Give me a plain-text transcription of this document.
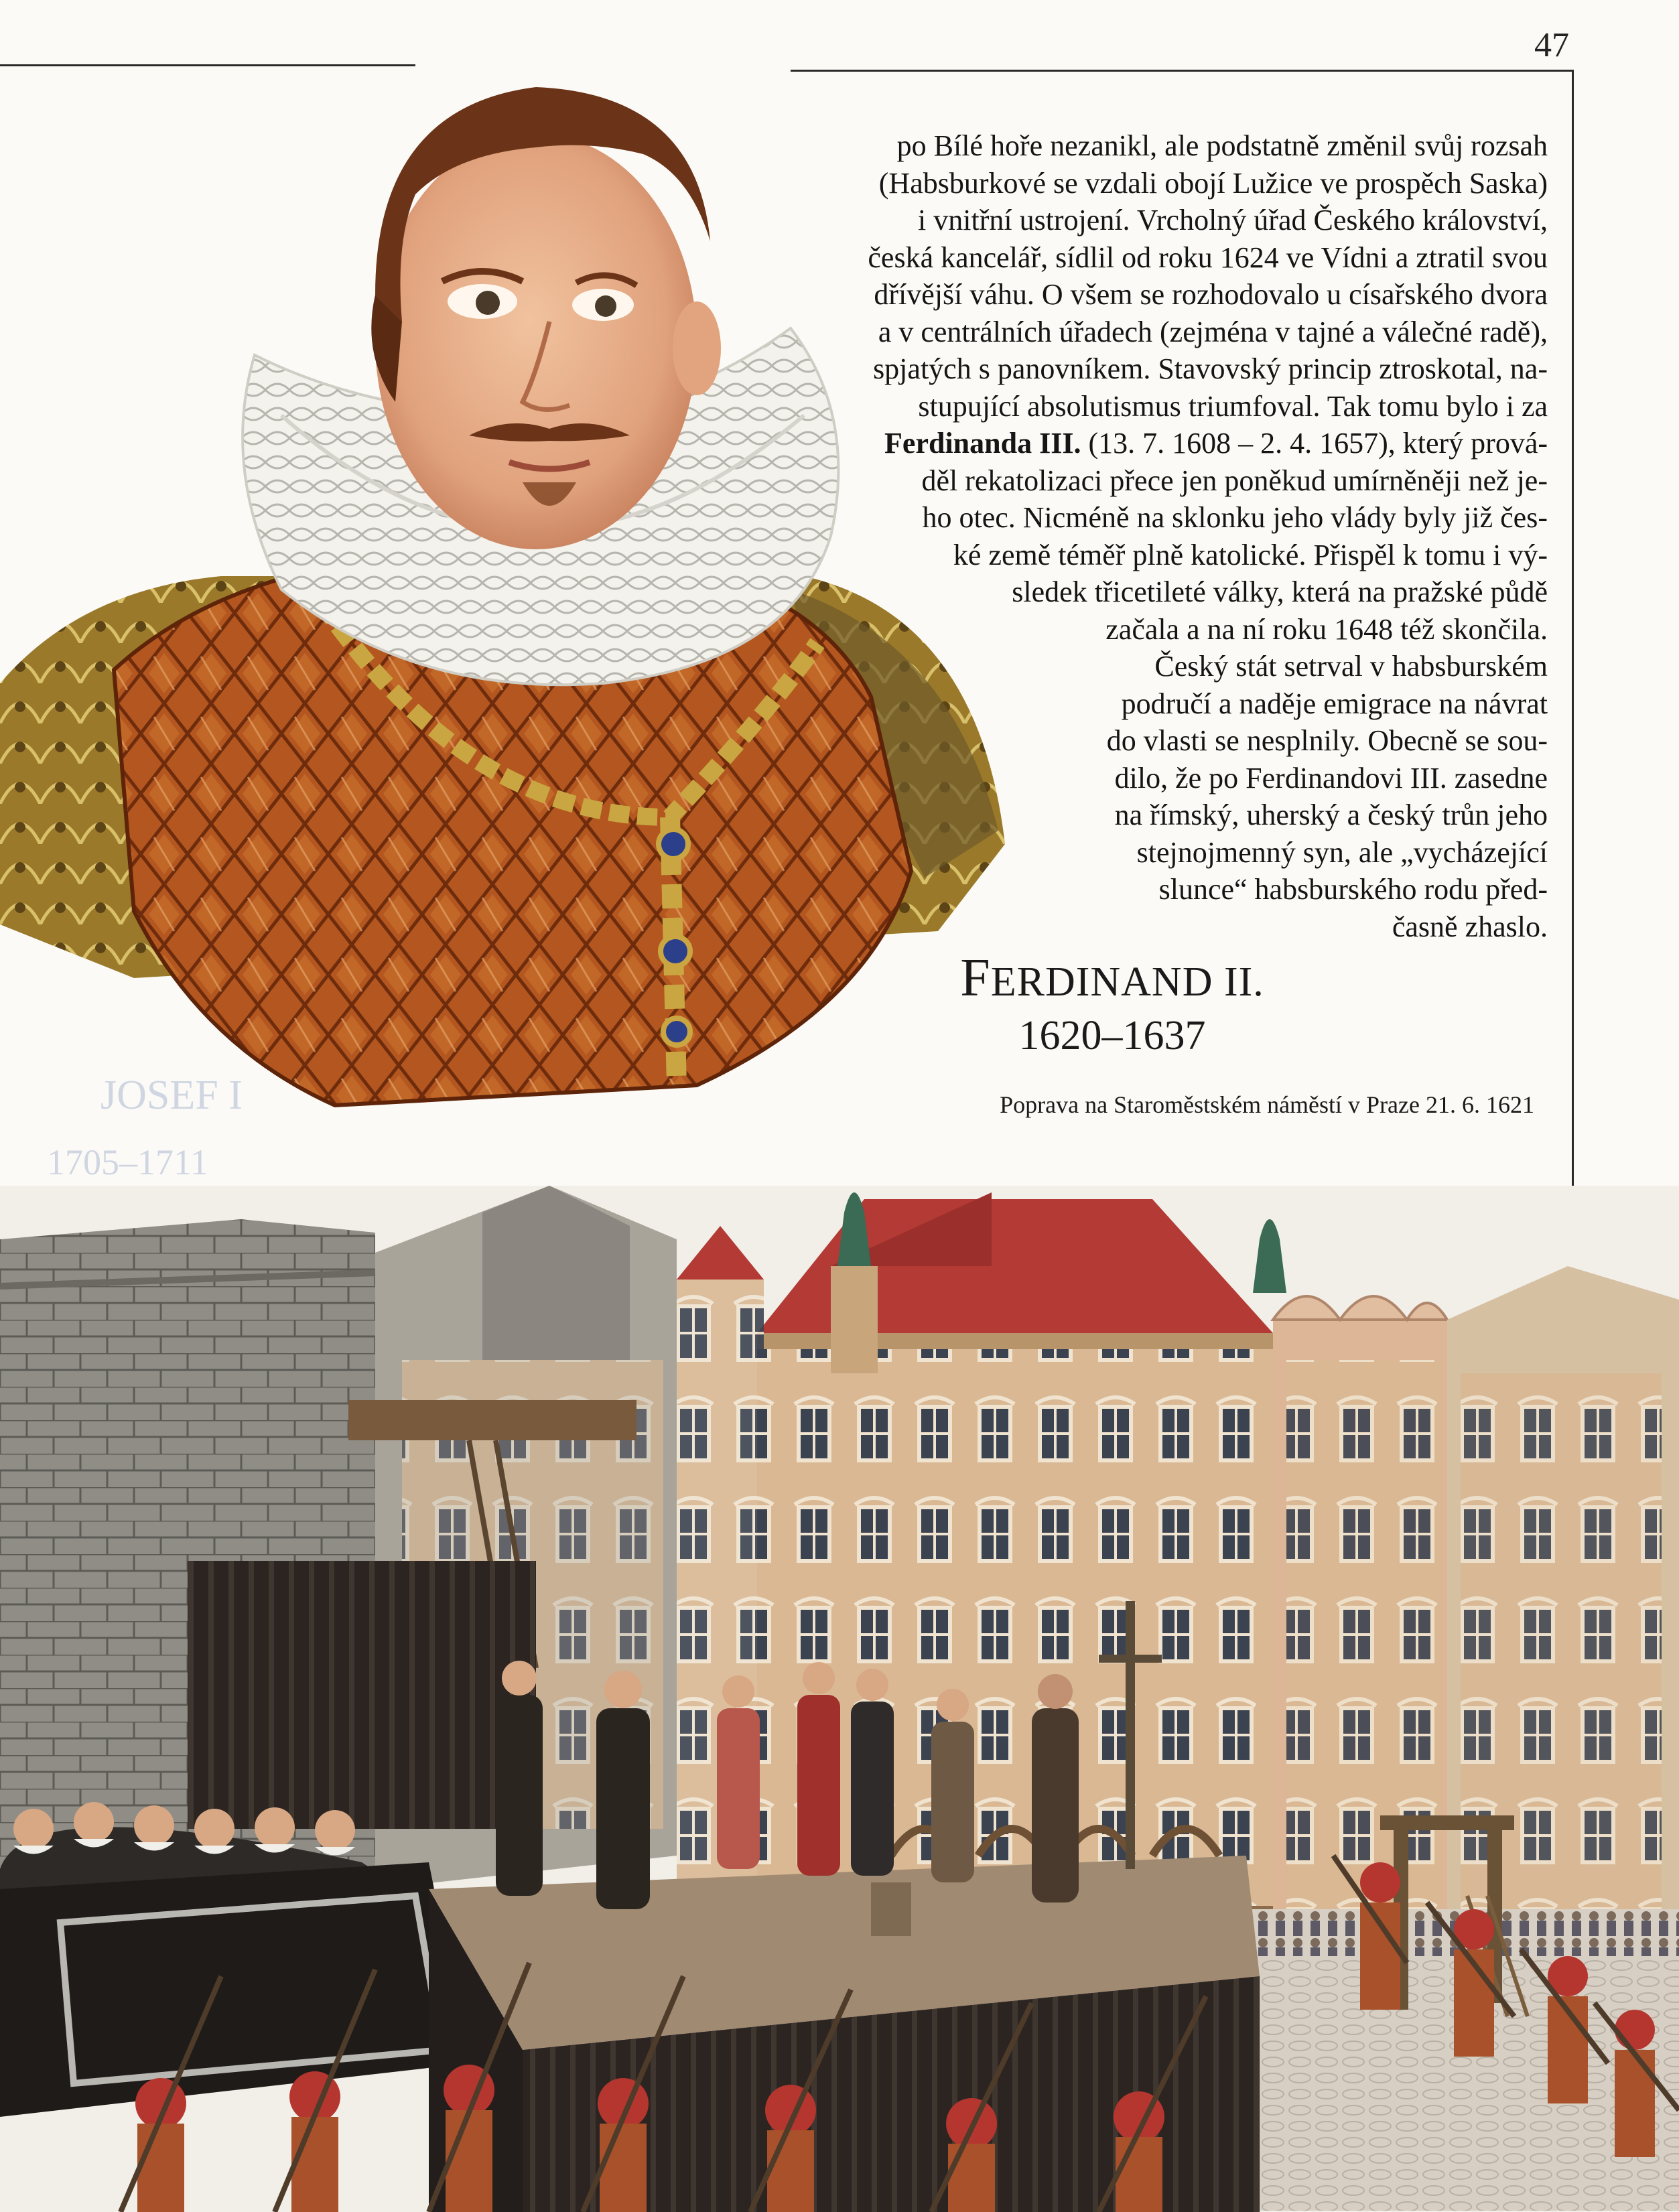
47
JOSEF I
1705–1711
po Bílé hoře nezanikl, ale podstatně změnil svůj rozsah
(Habsburkové se vzdali obojí Lužice ve prospěch Saska)
i vnitřní ustrojení. Vrcholný úřad Českého království,
česká kancelář, sídlil od roku 1624 ve Vídni a ztratil svou
dřívější váhu. O všem se rozhodovalo u císařského dvora
a v centrálních úřadech (zejména v tajné a válečné radě),
spjatých s panovníkem. Stavovský princip ztroskotal, na-
stupující absolutismus triumfoval. Tak tomu bylo i za
Ferdinanda III. (13. 7. 1608 – 2. 4. 1657), který prová-
děl rekatolizaci přece jen poněkud umírněněji než je-
ho otec. Nicméně na sklonku jeho vlády byly již čes-
ké země téměř plně katolické. Přispěl k tomu i vý-
sledek třicetileté války, která na pražské půdě
začala a na ní roku 1648 též skončila.
Český stát setrval v habsburském
područí a naděje emigrace na návrat
do vlasti se nesplnily. Obecně se sou-
dilo, že po Ferdinandovi III. zasedne
na římský, uherský a český trůn jeho
stejnojmenný syn, ale „vycházející
slunce“ habsburského rodu před-
časně zhaslo.
FERDINAND II.
1620–1637
Poprava na Staroměstském náměstí v Praze 21. 6. 1621
